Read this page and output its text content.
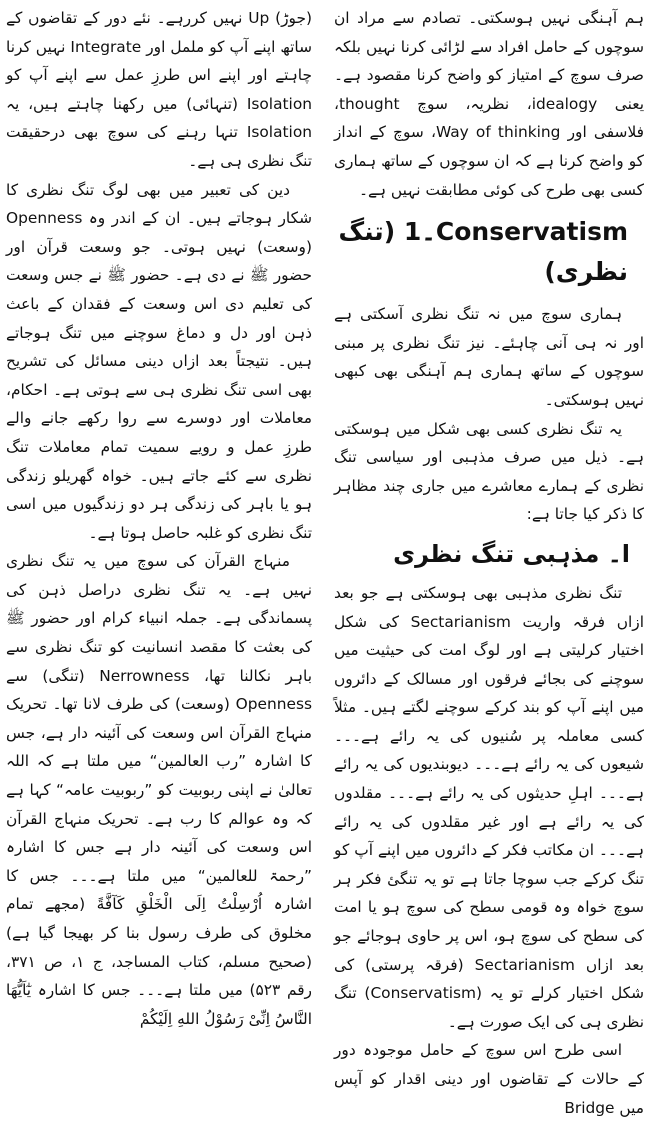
ہم آہنگی نہیں ہوسکتی۔ تصادم سے مراد ان سوچوں کے حامل افراد سے لڑائی کرنا نہیں بلکہ صرف سوچ کے امتیاز کو واضح کرنا مقصود ہے۔ یعنی idealogy، نظریہ، سوچ thought، فلاسفی اور Way of thinking، سوچ کے انداز کو واضح کرنا ہے کہ ان سوچوں کے ساتھ ہماری کسی بھی طرح کی کوئی مطابقت نہیں ہے۔

Conservatism۔1 (تنگ نظری)

ہماری سوچ میں نہ تنگ نظری آسکتی ہے اور نہ ہی آنی چاہئے۔ نیز تنگ نظری پر مبنی سوچوں کے ساتھ ہماری ہم آہنگی بھی کبھی نہیں ہوسکتی۔

یہ تنگ نظری کسی بھی شکل میں ہوسکتی ہے۔ ذیل میں صرف مذہبی اور سیاسی تنگ نظری کے ہمارے معاشرے میں جاری چند مظاہر کا ذکر کیا جاتا ہے:

ا۔ مذہبی تنگ نظری

تنگ نظری مذہبی بھی ہوسکتی ہے جو بعد ازاں فرقہ واریت Sectarianism کی شکل اختیار کرلیتی ہے اور لوگ امت کی حیثیت میں سوچنے کی بجائے فرقوں اور مسالک کے دائروں میں اپنے آپ کو بند کرکے سوچنے لگتے ہیں۔ مثلاً کسی معاملہ پر سُنیوں کی یہ رائے ہے۔۔۔ شیعوں کی یہ رائے ہے۔۔۔ دیوبندیوں کی یہ رائے ہے۔۔۔ اہلِ حدیثوں کی یہ رائے ہے۔۔۔ مقلدوں کی یہ رائے ہے اور غیر مقلدوں کی یہ رائے ہے۔۔۔ ان مکاتب فکر کے دائروں میں اپنے آپ کو تنگ کرکے جب سوچا جاتا ہے تو یہ تنگئ فکر ہر سوچ خواہ وہ قومی سطح کی سوچ ہو یا امت کی سطح کی سوچ ہو، اس پر حاوی ہوجائے جو بعد ازاں Sectarianism (فرقہ پرستی) کی شکل اختیار کرلے تو یہ (Conservatism) تنگ نظری ہی کی ایک صورت ہے۔

اسی طرح اس سوچ کے حامل موجودہ دور کے حالات کے تقاضوں اور دینی اقدار کو آپس میں Bridge

(جوڑ) Up نہیں کررہے۔ نئے دور کے تقاضوں کے ساتھ اپنے آپ کو ململ اور Integrate نہیں کرنا چاہتے اور اپنے اس طرزِ عمل سے اپنے آپ کو Isolation (تنہائی) میں رکھنا چاہتے ہیں، یہ Isolation تنہا رہنے کی سوچ بھی درحقیقت تنگ نظری ہی ہے۔

دین کی تعبیر میں بھی لوگ تنگ نظری کا شکار ہوجاتے ہیں۔ ان کے اندر وہ Openness (وسعت) نہیں ہوتی۔ جو وسعت قرآن اور حضور ﷺ نے دی ہے۔ حضور ﷺ نے جس وسعت کی تعلیم دی اس وسعت کے فقدان کے باعث ذہن اور دل و دماغ سوچنے میں تنگ ہوجاتے ہیں۔ نتیجتاً بعد ازاں دینی مسائل کی تشریح بھی اسی تنگ نظری ہی سے ہوتی ہے۔ احکام، معاملات اور دوسرے سے روا رکھے جانے والے طرزِ عمل و رویے سمیت تمام معاملات تنگ نظری سے کئے جاتے ہیں۔ خواہ گھریلو زندگی ہو یا باہر کی زندگی ہر دو زندگیوں میں اسی تنگ نظری کو غلبہ حاصل ہوتا ہے۔

منہاج القرآن کی سوچ میں یہ تنگ نظری نہیں ہے۔ یہ تنگ نظری دراصل ذہن کی پسماندگی ہے۔ جملہ انبیاء کرام اور حضور ﷺ کی بعثت کا مقصد انسانیت کو تنگ نظری سے باہر نکالنا تھا، Nerrowness (تنگی) سے Openness (وسعت) کی طرف لانا تھا۔ تحریک منہاج القرآن اس وسعت کی آئینہ دار ہے، جس کا اشارہ ”رب العالمین“ میں ملتا ہے کہ اللہ تعالیٰ نے اپنی ربوبیت کو ”ربوبیت عامہ“ کہا ہے کہ وہ عوالم کا رب ہے۔ تحریک منہاج القرآن اس وسعت کی آئینہ دار ہے جس کا اشارہ ”رحمۃ للعالمین“ میں ملتا ہے۔۔۔ جس کا اشارہ اُرْسِلْتُ اِلَی الْخَلْقِ کَآفَّةً (مجھے تمام مخلوق کی طرف رسول بنا کر بھیجا گیا ہے) (صحیح مسلم، کتاب المساجد، ج ۱، ص ۳۷۱، رقم ۵۲۳) میں ملتا ہے۔۔۔ جس کا اشارہ یٰٓاَیُّهَا النَّاسُ اِنِّیْ رَسُوْلُ اللهِ اِلَیْکُمْ
